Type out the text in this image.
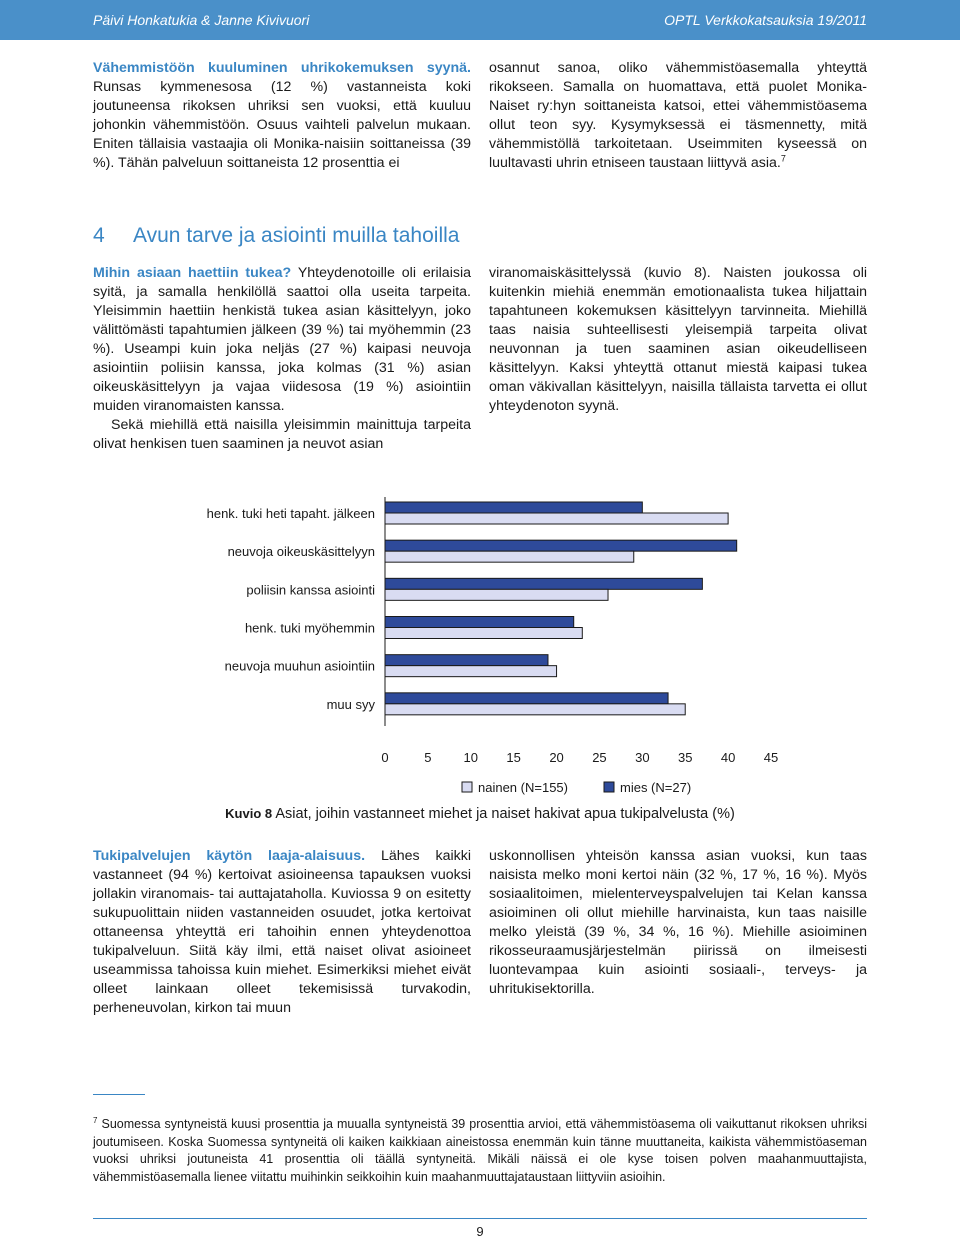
Päivi Honkatukia & Janne Kivivuori	OPTL Verkkokatsauksia 19/2011

Vähemmistöön kuuluminen uhrikokemuksen syynä. Runsas kymmenesosa (12 %) vastanneista koki joutuneensa rikoksen uhriksi sen vuoksi, että kuuluu johonkin vähemmistöön. Osuus vaihteli palvelun mukaan. Eniten tällaisia vastaajia oli Monika-naisiin soittaneissa (39 %). Tähän palveluun soittaneista 12 prosenttia ei

osannut sanoa, oliko vähemmistöasemalla yhteyttä rikokseen. Samalla on huomattava, että puolet Monika-Naiset ry:hyn soittaneista katsoi, ettei vähemmistöasema ollut teon syy. Kysymyksessä ei täsmennetty, mitä vähemmistöllä tarkoitetaan. Useimmiten kyseessä on luultavasti uhrin etniseen taustaan liittyvä asia.$^7$

4 Avun tarve ja asiointi muilla tahoilla

Mihin asiaan haettiin tukea? Yhteydenotoille oli erilaisia syitä, ja samalla henkilöllä saattoi olla useita tarpeita. Yleisimmin haettiin henkistä tukea asian käsittelyyn, joko välittömästi tapahtumien jälkeen (39 %) tai myöhemmin (23 %). Useampi kuin joka neljäs (27 %) kaipasi neuvoja asiointiin poliisin kanssa, joka kolmas (31 %) asian oikeuskäsittelyyn ja vajaa viidesosa (19 %) asiointiin muiden viranomaisten kanssa.

Sekä miehillä että naisilla yleisimmin mainittuja tarpeita olivat henkisen tuen saaminen ja neuvot asian

viranomaiskäsittelyssä (kuvio 8). Naisten joukossa oli kuitenkin miehiä enemmän emotionaalista tukea hiljattain tapahtuneen kokemuksen käsittelyyn tarvinneita. Miehillä taas naisia suhteellisesti yleisempiä tarpeita olivat neuvonnan ja tuen saaminen asian oikeudelliseen käsittelyyn. Kaksi yhteyttä ottanut miestä kaipasi tukea oman väkivallan käsittelyyn, naisilla tällaista tarvetta ei ollut yhteydenoton syynä.

henk. tuki heti tapaht. jälkeen
neuvoja oikeuskäsittelyyn
poliisin kanssa asiointi
henk. tuki myöhemmin
neuvoja muuhun asiointiin
muu syy
0	5 10 15 20 25 30 35 40 45
nainen (N=155)	mies (N=27)
Kuvio 8 Asiat, joihin vastanneet miehet ja naiset hakivat apua tukipalvelusta (%)

Tukipalvelujen käytön laaja-alaisuus. Lähes kaikki vastanneet (94 %) kertoivat asioineensa tapauksen vuoksi jollakin viranomais- tai auttajataholla. Kuviossa 9 on esitetty sukupuolittain niiden vastanneiden osuudet, jotka kertoivat ottaneensa yhteyttä eri tahoihin ennen yhteydenottoa tukipalveluun. Siitä käy ilmi, että naiset olivat asioineet useammissa tahoissa kuin miehet. Esimerkiksi miehet eivät olleet lainkaan olleet tekemisissä turvakodin, perheneuvolan, kirkon tai muun

uskonnollisen yhteisön kanssa asian vuoksi, kun taas naisista melko moni kertoi näin (32 %, 17 %, 16 %). Myös sosiaalitoimen, mielenterveyspalvelujen tai Kelan kanssa asioiminen oli ollut miehille harvinaista, kun taas naisille melko yleistä (39 %, 34 %, 16 %). Miehille asioiminen rikosseuraamusjärjestelmän piirissä on ilmeisesti luontevampaa kuin asiointi sosiaali-, terveys- ja uhritukisektorilla.

$^7$ Suomessa syntyneistä kuusi prosenttia ja muualla syntyneistä 39 prosenttia arvioi, että vähemmistöasema oli vaikuttanut rikoksen uhriksi joutumiseen. Koska Suomessa syntyneitä oli kaiken kaikkiaan aineistossa enemmän kuin tänne muuttaneita, kaikista vähemmistöaseman vuoksi uhriksi joutuneista 41 prosenttia oli täällä syntyneitä. Mikäli näissä ei ole kyse toisen polven maahanmuuttajista, vähemmistöasemalla lienee viitattu muihinkin seikkoihin kuin maahanmuuttajataustaan liittyviin asioihin.
9
